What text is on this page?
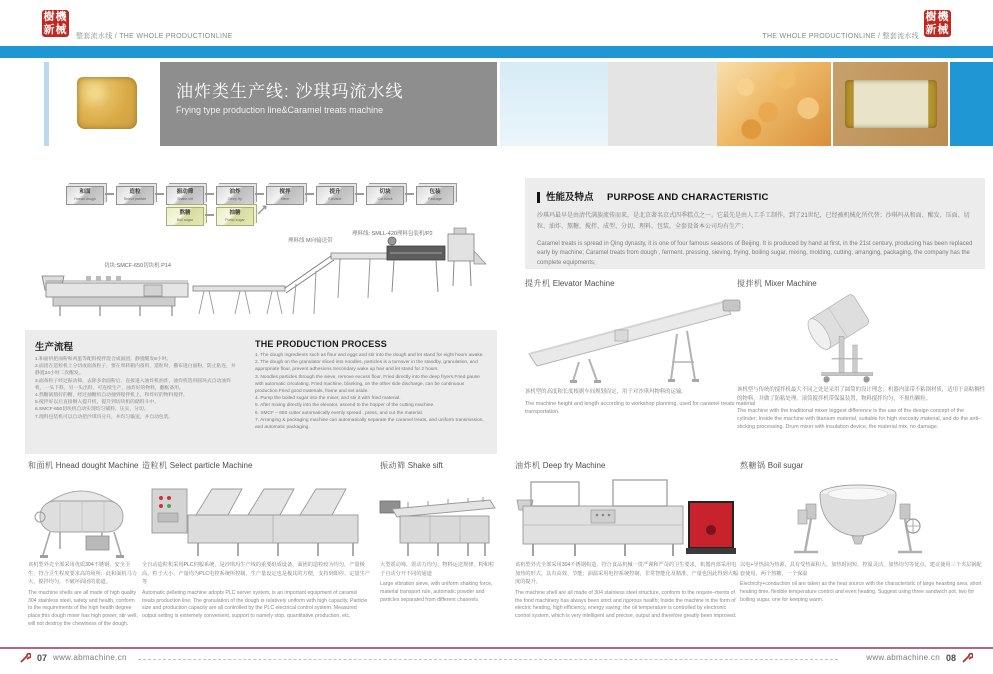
樹機新械
整套流水线 / THE WHOLE PRODUCTIONLINE	THE WHOLE PRODUCTIONLINE / 整套流水线
樹機新械
油炸类生产线: 沙琪玛流水线
Frying type production line&Caramel treats machine
和面
Hnead dough
造粒
Select particle
振动筛
Shake sift
油炸
Deep fry
搅拌
Mixer
提升
Elevator
切块
Cut block
包装
Package
熬糖
Boil sugar
抽糖
Pump sugar
切块:SMCF-650切块机 P14
理料线 M向输送带
理料线: SMLL-420理料包装机/P2
生产流程
1.和面机把面粉和鸡蛋等配料搅拌混合成面团，静置醒发8小时。
2.面团在造粒机上分切成面条粒子，要在周转箱内备用，造粒时，撒布进白面粉，防止粘连，并静置24小时二次醒发。
3.面条粒子经过振动筛，去除多余面粉后，直接进入油炸机油炸，油炸机选用圆环式自动油炸机，一头下料，另一头出料，可连续生产，油炸好的物料，翻框备用。
4.熬糖锅熬好的糖，经过抽糖机自动抽到搅拌机上，和炸好的物料搅拌。
5.搅拌好以后直接倒入提升机，提升到切块机的储料斗中。
6.SMCF-650切块机自动实现均匀铺料，压实，分切。
7.理料包装机可以自动把沙琪玛分开，并均匀输送，并自动包装。
THE PRODUCTION PROCESS
1. The dough ingredients such as flour and eggs and stir into the dough and let stand for eight hours awake.
2. The dough on the granulator sliced into noodles, particles is a turnover in the standby, granulation, and appropriate flour, prevent adhesions.Secondary wake up hair and let stand for 2 hours.
3. Noodles particles through the sieve, remove excess flour, Fried directly into the deep fryers.Fried pause with automatic circulating. Fried machine, blanking, on the other side discharge, can be continuous production.Fried good materials, frame and set aside.
4. Pump the boiled sugar into the mixer, and stir it with fried material.
5. After mixing directly into the elevator, ascend to the hopper of the cutting machine.
6. SMCF – 650 cutter automatically evenly spread , press, and cut the material.
7. Arranging & packaging machine can automatically separate the caramel treats, and uniform transmission, and automatic packaging.
性能及特点 PURPOSE AND CHARACTERISTIC
沙琪玛最早是由清代满族流传而来，是北京著名京式四季糕点之一。它最先是由人工手工制作，到了21世纪，已经被机械化所代替；沙琪玛从和面、醒发、压面、切粒、油炸、熬糖、搅拌、成型、分切、理料、包装，全套设备本公司均有生产；
Caramel treats is spread in Qing dynasty, it is one of four famous seasons of Beijing. It is produced by hand at first, in the 21st century, producing has been replaced early by machine; Caramel treats from dough , ferment, pressing, sieving, frying, boiling sugar, mixing, molding, cutting, arranging, packaging, the company has the complete equipments;
提升机 Elevator Machine
该机型的高度和长度根据车间规划而定，用于对沙琪玛物料的运输。
The machine height and length according to workshop planning, used for caramel treats material transportation.
搅拌机 Mixer Machine
该机型与传统的搅拌机最大不同之处是采用了圆筒的设计理念；机器内部带不粘锅材质，适用于高粘稠性的物料，并做了防粘处理。滚筒搅拌机带保温装置，物料搅拌均匀，不损伤颗粒。
The machine with the traditional mixer biggest difference is the use of the design concept of the cylinder; Inside the machine with titanium material, suitable for high viscosity material, and do the anti–sticking processing. Drum mixer with insulation device, the material mix, no damage.
和面机 Hnead dought Machine
该机型外壳全部采用优质304不锈钢，安全卫生，符合卫生程度要求高的场所；此和面机马力大，搅拌均匀，不破坏面团的筋道。
The machine shells are all made of high quality 304 stainless steel, safety and health, conform to the requirements of the high health degree place;this dough mixer has high power, stir well, will not destroy the chewiness of the dough.
造粒机 Select particle Machine
全自动造粒机采用PLC伺服系统，是沙琪玛生产线的重要组成设备，面团的造粒较为均匀，产量极高。粒子大小、产量均为PLC电控系统所控制。生产量设定也是极其的方便，支持到即停、定量生产等
Automatic pelleting machine adopts PLC server system, is an important equipment of caramel treats production line; The granulation of the dough is relatively uniform with high capacity, Particle size and production capacity are all controlled by the PLC electrical control system. Measured output setting is extremely convenient, support to namely stop, quantitative production, etc.
振动筛 Shake sift
大型震动筛，震动力均匀，物料运送规律，粉和粒子自动分开不同的通道
Large vibration sieve, with uniform shaking force, material transport rule, automatic powder and particles separated from different channels.
油炸机 Deep fry Machine
该机型外壳全部采用304不锈钢构造，符合食品机械一贯严谨和严苛的卫生要求，机器内部采用电加热的形式，具有高效、节能；油温采用电控系统控制，非常智能化及精准，产量也因此得到大幅度的提升。
The machine shell are all made of 304 stainless steel structure, conform to the require–ments of the food machinery has always been strict and rigorous health; Inside the machine in the form of electric heating, high efficiency, energy saving; the oil temperature is controlled by electronic control system, which is very intelligent and precise, output and therefore greatly been improved.
熬糖锅 Boil sugar
以电+导热油为热源，具有受热面积大，加热时间短，控温灵活，加热均匀等优点，建议使用三个夹层锅配套使用，两个熬糖，一个保温
Electricity+conduction oil are taken as the heat source with the characteristic of large heasting area, short heating time, flexible temperature control and even heating. Suggest using three sandwich pot, two for boiling sugar, one for keeping warm.
07 www.abmachine.cn	www.abmachine.cn 08
